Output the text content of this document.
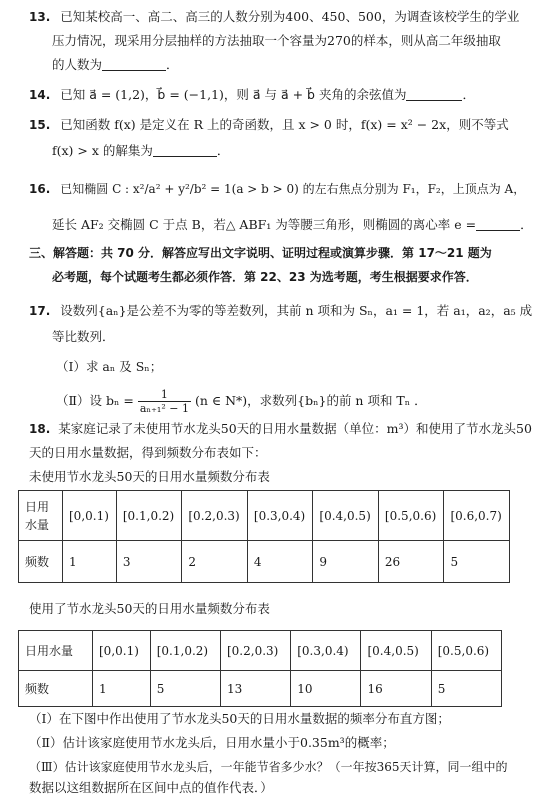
13. 已知某校高一、高二、高三的人数分别为400、450、500，为调查该校学生的学业
压力情况，现采用分层抽样的方法抽取一个容量为270的样本，则从高二年级抽取
的人数为	．
14. 已知 a⃗ = (1,2)，b⃗ = (−1,1)，则 a⃗ 与 a⃗ + b⃗ 夹角的余弦值为	．
15. 已知函数 f(x) 是定义在 R 上的奇函数，且 x > 0 时，f(x) = x² − 2x，则不等式
f(x) > x 的解集为	．
16. 已知椭圆 C : x²/a² + y²/b² = 1(a > b > 0) 的左右焦点分别为 F₁，F₂，上顶点为 A，
延长 AF₂ 交椭圆 C 于点 B，若△ ABF₁ 为等腰三角形，则椭圆的离心率 e =	．
三、解答题：共 70 分．解答应写出文字说明、证明过程或演算步骤．第 17～21 题为
必考题，每个试题考生都必须作答．第 22、23 为选考题，考生根据要求作答．
17. 设数列{aₙ}是公差不为零的等差数列，其前 n 项和为 Sₙ，a₁ = 1，若 a₁，a₂，a₅ 成
等比数列．
（Ⅰ）求 aₙ 及 Sₙ；
（Ⅱ）设 $b_n = \frac{1}{\text{aₙ₊₁² − 1}} (n$ ∈ N*)，求数列{bₙ}的前 n 项和 Tₙ ．
18. 某家庭记录了未使用节水龙头50天的日用水量数据（单位：m³）和使用了节水龙头50
天的日用水量数据，得到频数分布表如下：
未使用节水龙头50天的日用水量频数分布表
日用
水量	[0,0.1)	[0.1,0.2)	[0.2,0.3)	[0.3,0.4)	[0.4,0.5)	[0.5,0.6)	[0.6,0.7)
频数	1	3	2	4	9	26	5
使用了节水龙头50天的日用水量频数分布表
日用水量	[0,0.1)	[0.1,0.2)	[0.2,0.3)	[0.3,0.4)	[0.4,0.5)	[0.5,0.6)
频数	1	5	13	10	16	5
（Ⅰ）在下图中作出使用了节水龙头50天的日用水量数据的频率分布直方图；
（Ⅱ）估计该家庭使用节水龙头后，日用水量小于0.35m³的概率；
（Ⅲ）估计该家庭使用节水龙头后，一年能节省多少水？（一年按365天计算，同一组中的
数据以这组数据所在区间中点的值作代表．）
